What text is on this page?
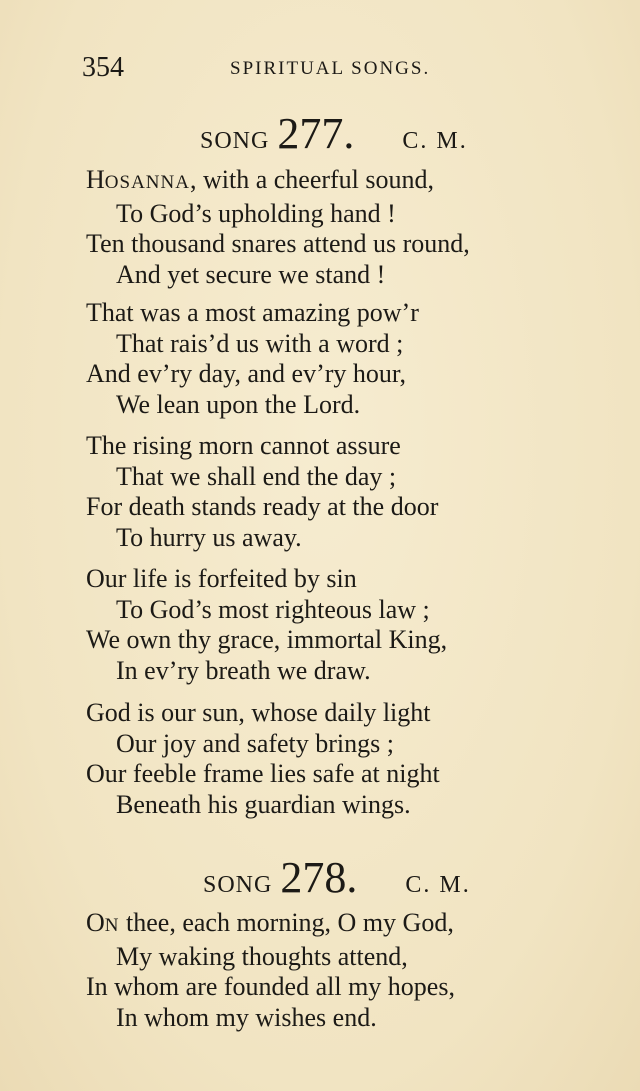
354	SPIRITUAL SONGS.
SONG 277. C. M.
HOSANNA, with a cheerful sound,
To God’s upholding hand !
Ten thousand snares attend us round,
And yet secure we stand !
That was a most amazing pow’r
That rais’d us with a word ;
And ev’ry day, and ev’ry hour,
We lean upon the Lord.
The rising morn cannot assure
That we shall end the day ;
For death stands ready at the door
To hurry us away.
Our life is forfeited by sin
To God’s most righteous law ;
We own thy grace, immortal King,
In ev’ry breath we draw.
God is our sun, whose daily light
Our joy and safety brings ;
Our feeble frame lies safe at night
Beneath his guardian wings.
SONG 278. C. M.
ON thee, each morning, O my God,
My waking thoughts attend,
In whom are founded all my hopes,
In whom my wishes end.
